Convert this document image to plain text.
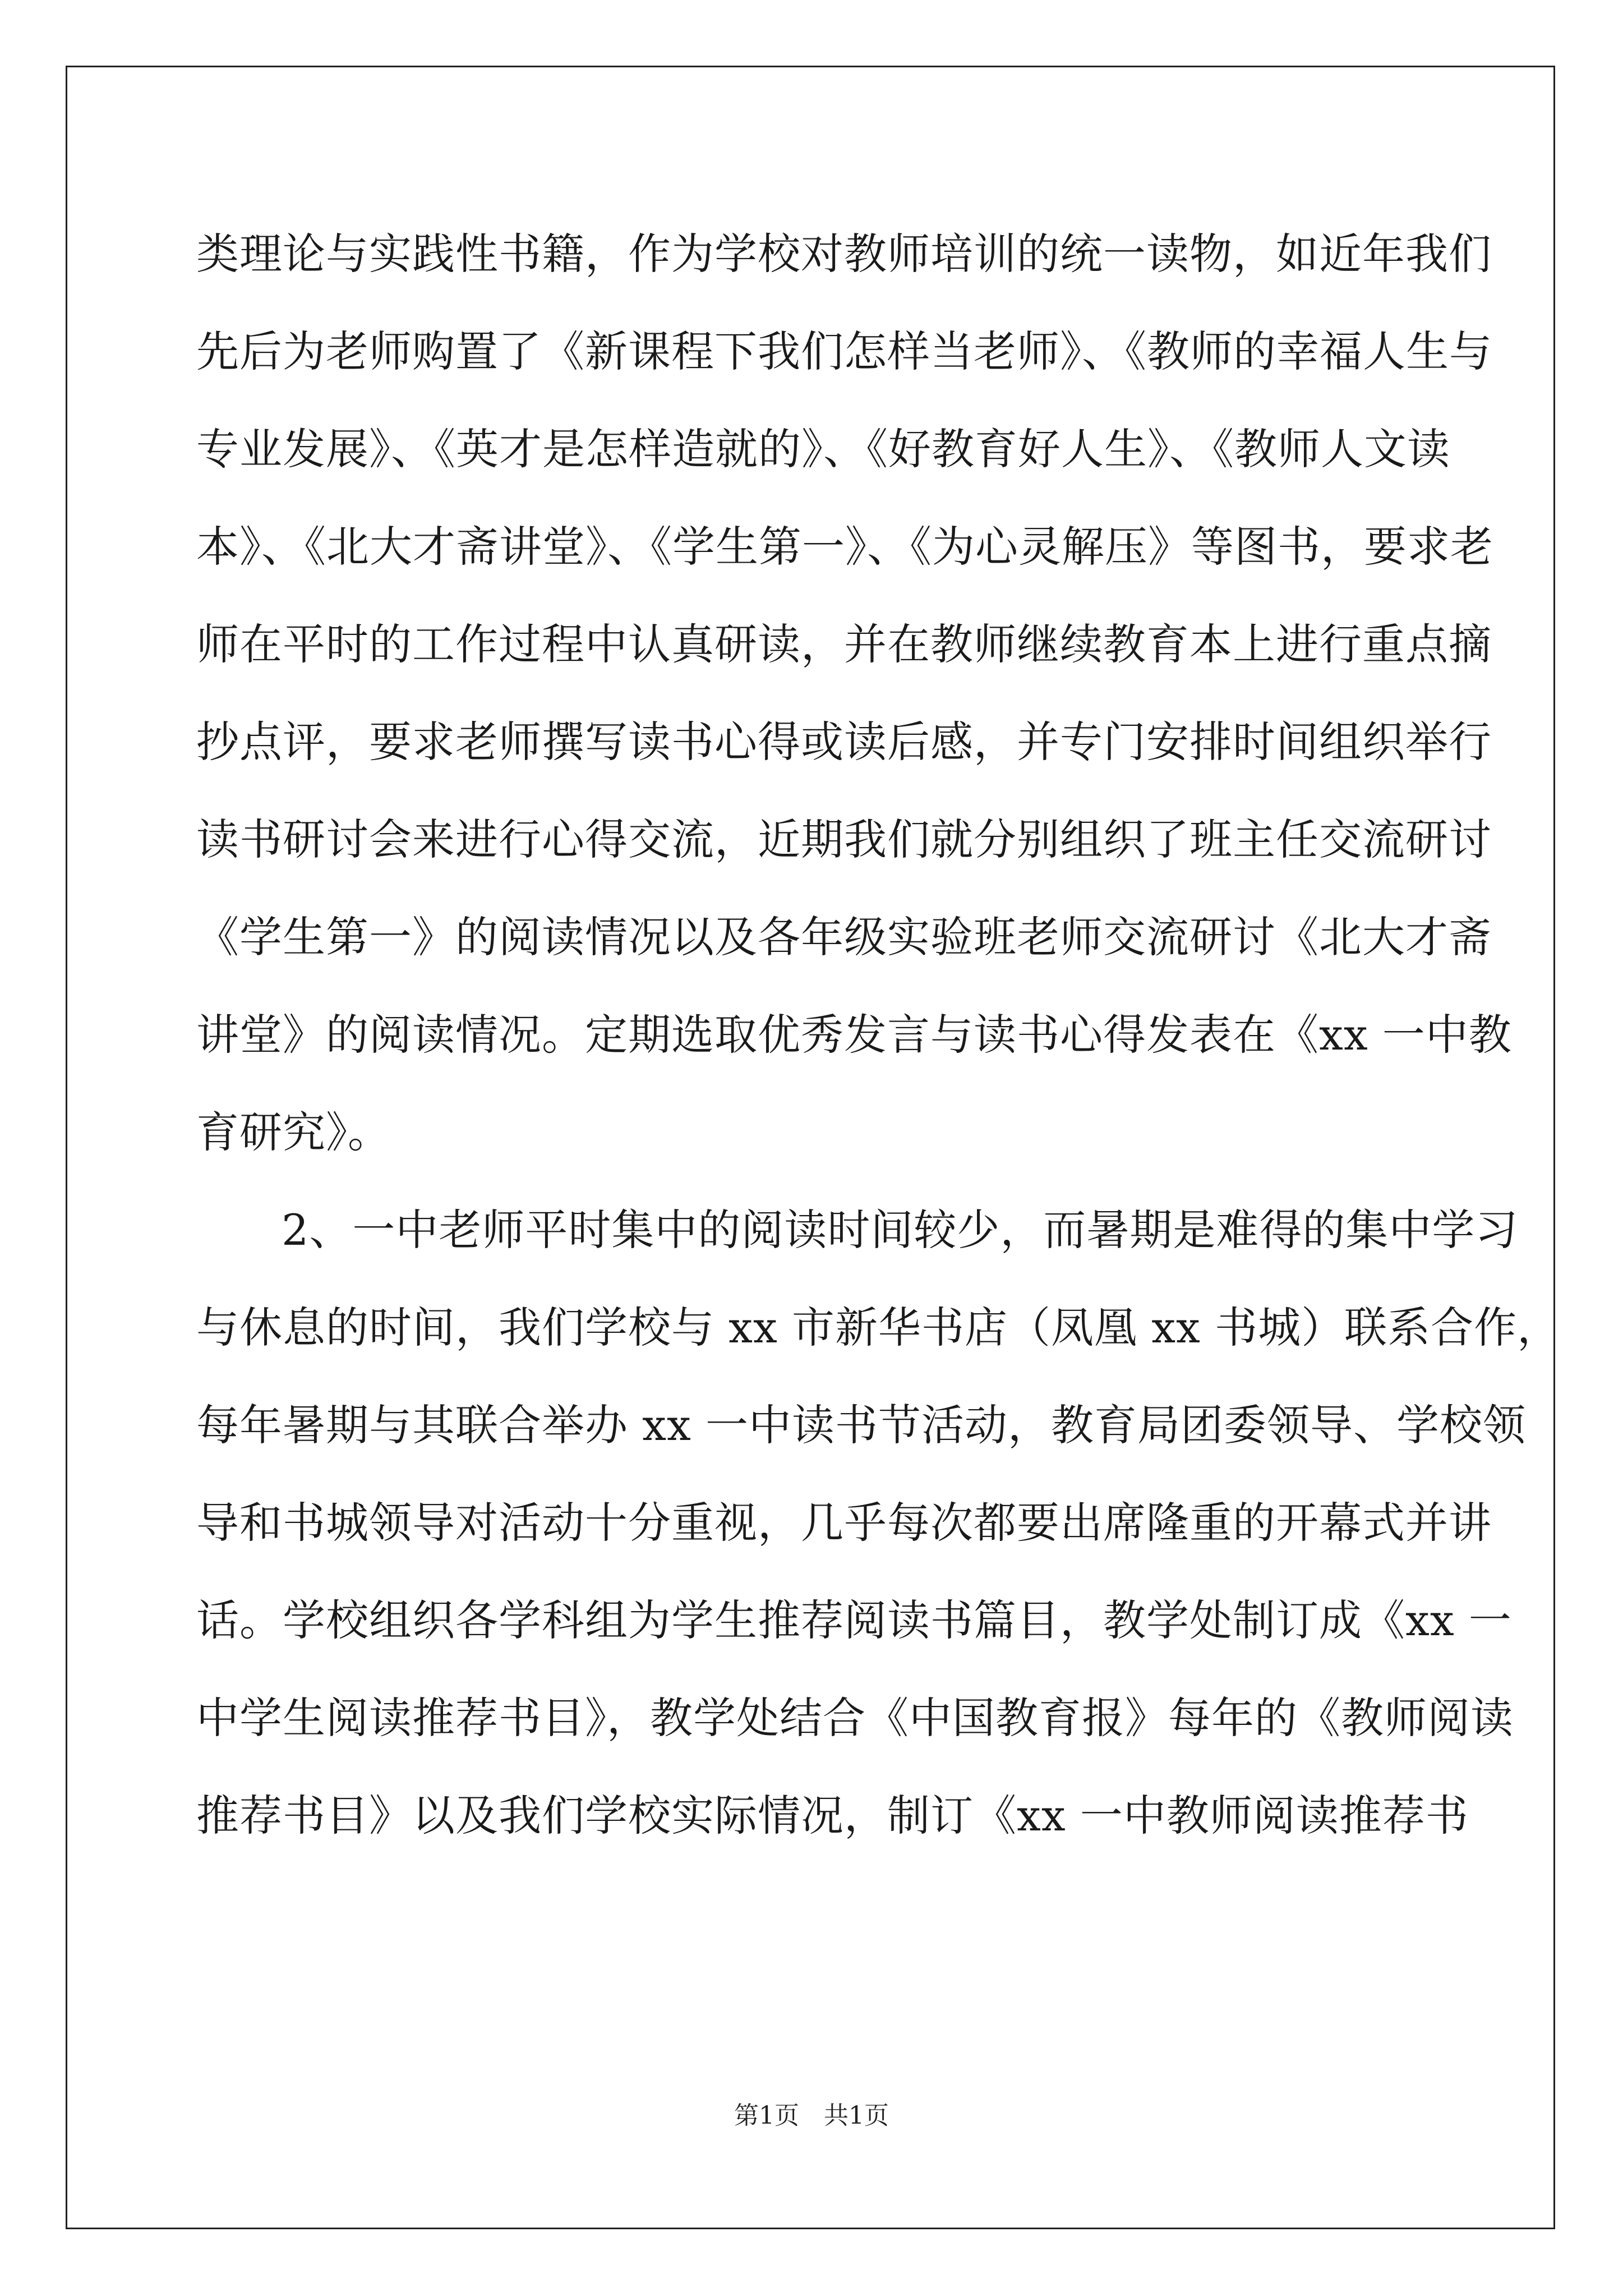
类理论与实践性书籍，作为学校对教师培训的统一读物，如近年我们
先后为老师购置了《新课程下我们怎样当老师》、《教师的幸福人生与
专业发展》、《英才是怎样造就的》、《好教育好人生》、《教师人文读
本》、《北大才斋讲堂》、《学生第一》、《为心灵解压》等图书，要求老
师在平时的工作过程中认真研读，并在教师继续教育本上进行重点摘
抄点评，要求老师撰写读书心得或读后感，并专门安排时间组织举行
读书研讨会来进行心得交流，近期我们就分别组织了班主任交流研讨
《学生第一》的阅读情况以及各年级实验班老师交流研讨《北大才斋
讲堂》的阅读情况。定期选取优秀发言与读书心得发表在《xx 一中教
育研究》。
2、一中老师平时集中的阅读时间较少，而暑期是难得的集中学习
与休息的时间，我们学校与 xx 市新华书店（凤凰 xx 书城）联系合作，
每年暑期与其联合举办 xx 一中读书节活动，教育局团委领导、学校领
导和书城领导对活动十分重视，几乎每次都要出席隆重的开幕式并讲
话。学校组织各学科组为学生推荐阅读书篇目，教学处制订成《xx 一
中学生阅读推荐书目》，教学处结合《中国教育报》每年的《教师阅读
推荐书目》以及我们学校实际情况，制订《xx 一中教师阅读推荐书
第1页　共1页
